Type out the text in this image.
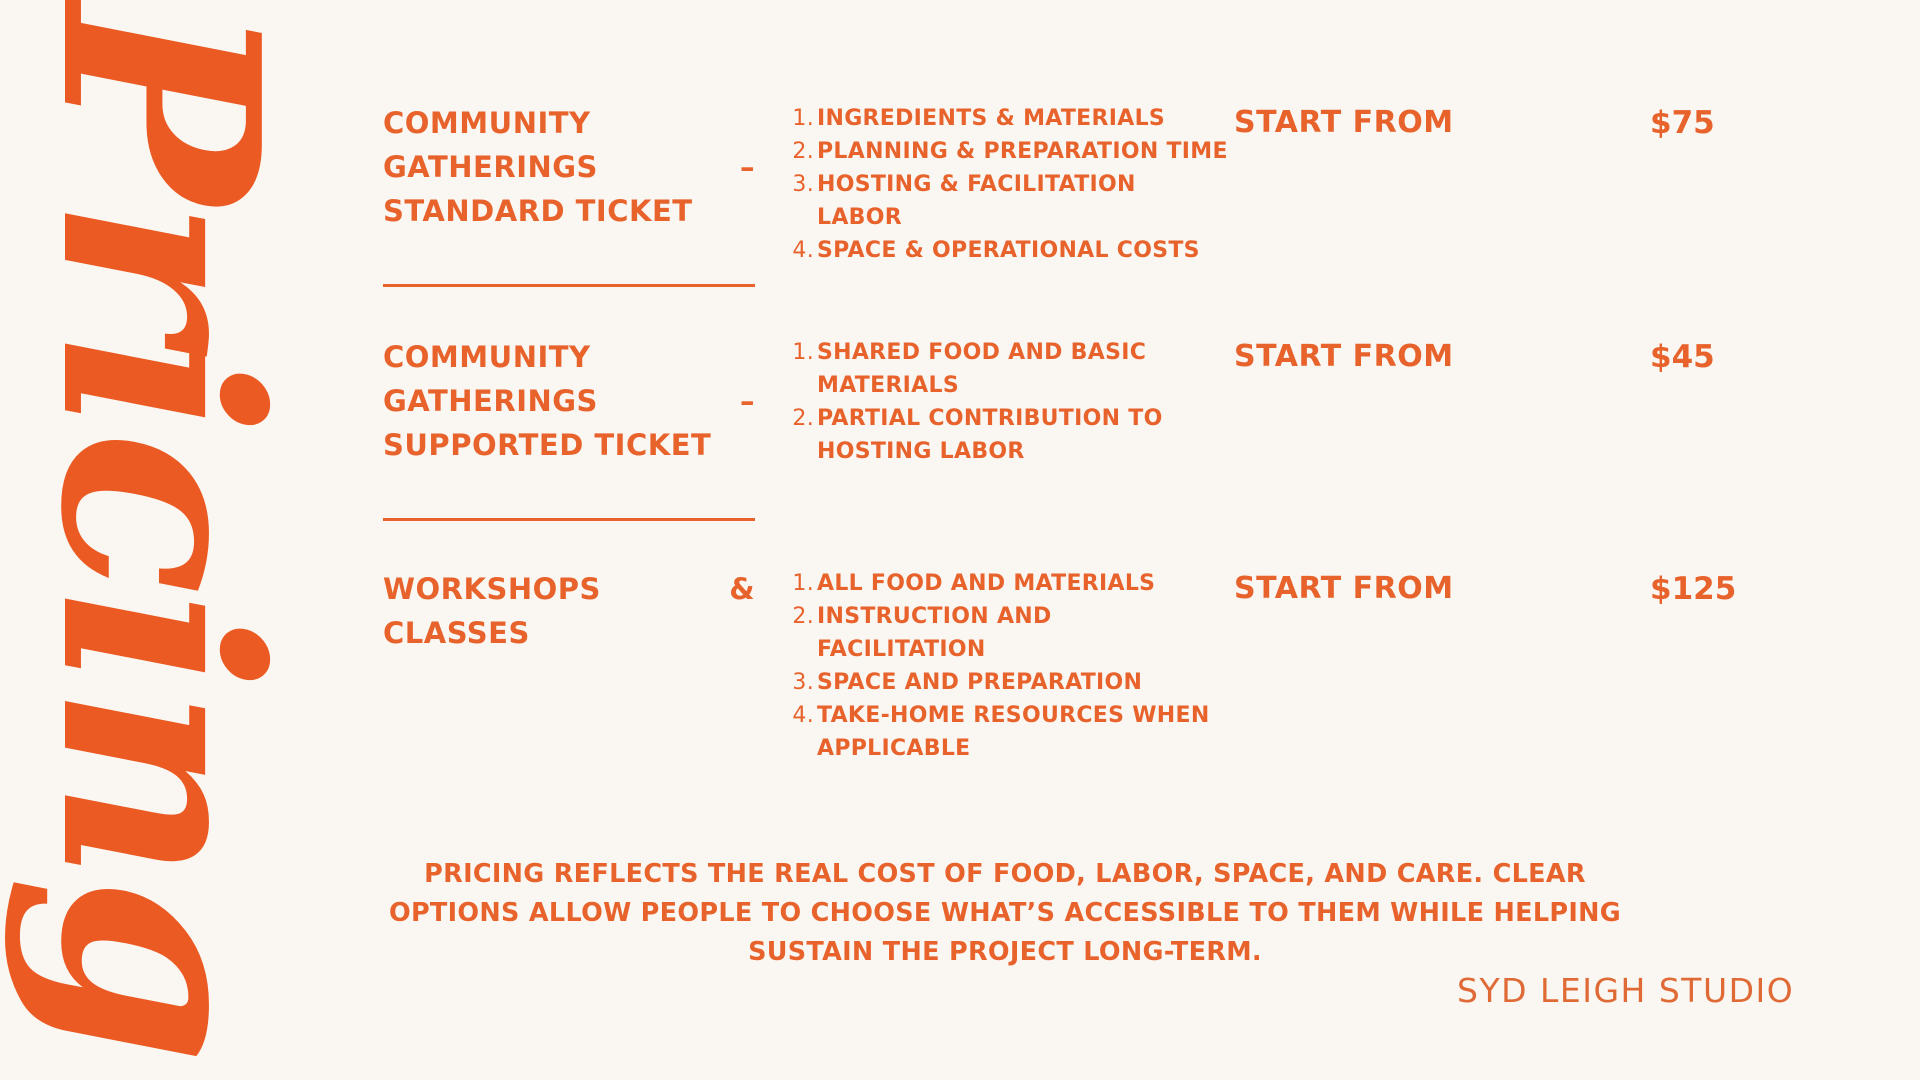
Pricing COMMUNITY GATHERINGS – STANDARD TICKET
1. INGREDIENTS & MATERIALS
2. PLANNING & PREPARATION TIME
3. HOSTING & FACILITATION LABOR
4. SPACE & OPERATIONAL COSTS
START FROM	$75
COMMUNITY GATHERINGS – SUPPORTED TICKET
1. SHARED FOOD AND BASIC MATERIALS
2. PARTIAL CONTRIBUTION TO HOSTING LABOR
START FROM	$45
WORKSHOPS & CLASSES
1. ALL FOOD AND MATERIALS
2. INSTRUCTION AND FACILITATION
3. SPACE AND PREPARATION
4. TAKE-HOME RESOURCES WHEN APPLICABLE
START FROM	$125
PRICING REFLECTS THE REAL COST OF FOOD, LABOR, SPACE, AND CARE. CLEAR OPTIONS ALLOW PEOPLE TO CHOOSE WHAT’S ACCESSIBLE TO THEM WHILE HELPING SUSTAIN THE PROJECT LONG-TERM.
SYD LEIGH STUDIO
